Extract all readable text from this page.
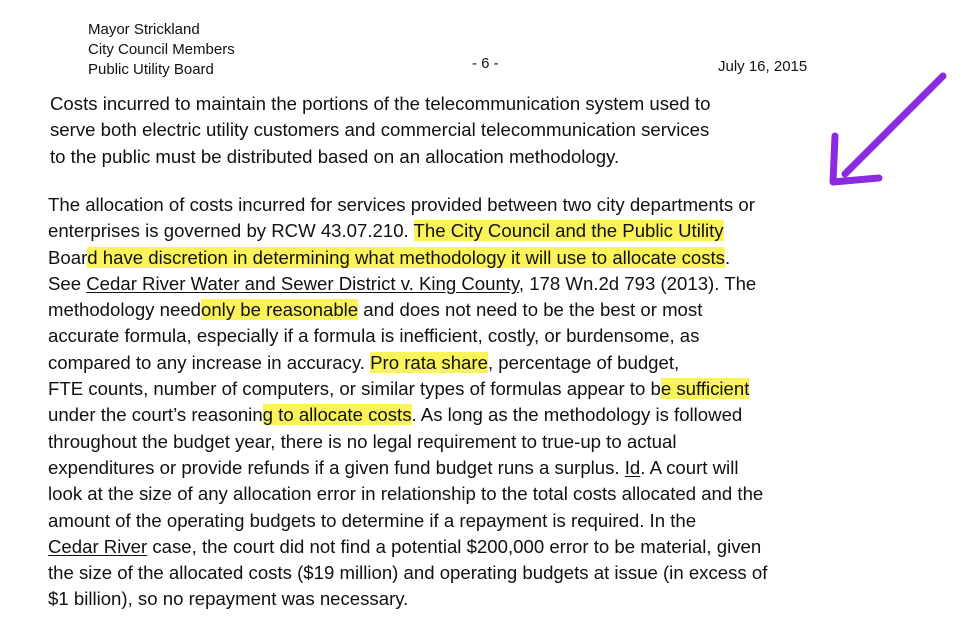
Mayor Strickland
City Council Members
Public Utility Board	- 6 -	July 16, 2015
Costs incurred to maintain the portions of the telecommunication system used to
serve both electric utility customers and commercial telecommunication services
to the public must be distributed based on an allocation methodology.
The allocation of costs incurred for services provided between two city departments or
enterprises is governed by RCW 43.07.210. The City Council and the Public Utility
Board have discretion in determining what methodology it will use to allocate costs.
See Cedar River Water and Sewer District v. King County, 178 Wn.2d 793 (2013). The
methodology needonly be reasonable and does not need to be the best or most
accurate formula, especially if a formula is inefficient, costly, or burdensome, as
compared to any increase in accuracy. Pro rata share, percentage of budget,
FTE counts, number of computers, or similar types of formulas appear to be sufficient
under the court’s reasoning to allocate costs. As long as the methodology is followed
throughout the budget year, there is no legal requirement to true-up to actual
expenditures or provide refunds if a given fund budget runs a surplus. Id. A court will
look at the size of any allocation error in relationship to the total costs allocated and the
amount of the operating budgets to determine if a repayment is required. In the
Cedar River case, the court did not find a potential $200,000 error to be material, given
the size of the allocated costs ($19 million) and operating budgets at issue (in excess of
$1 billion), so no repayment was necessary.
